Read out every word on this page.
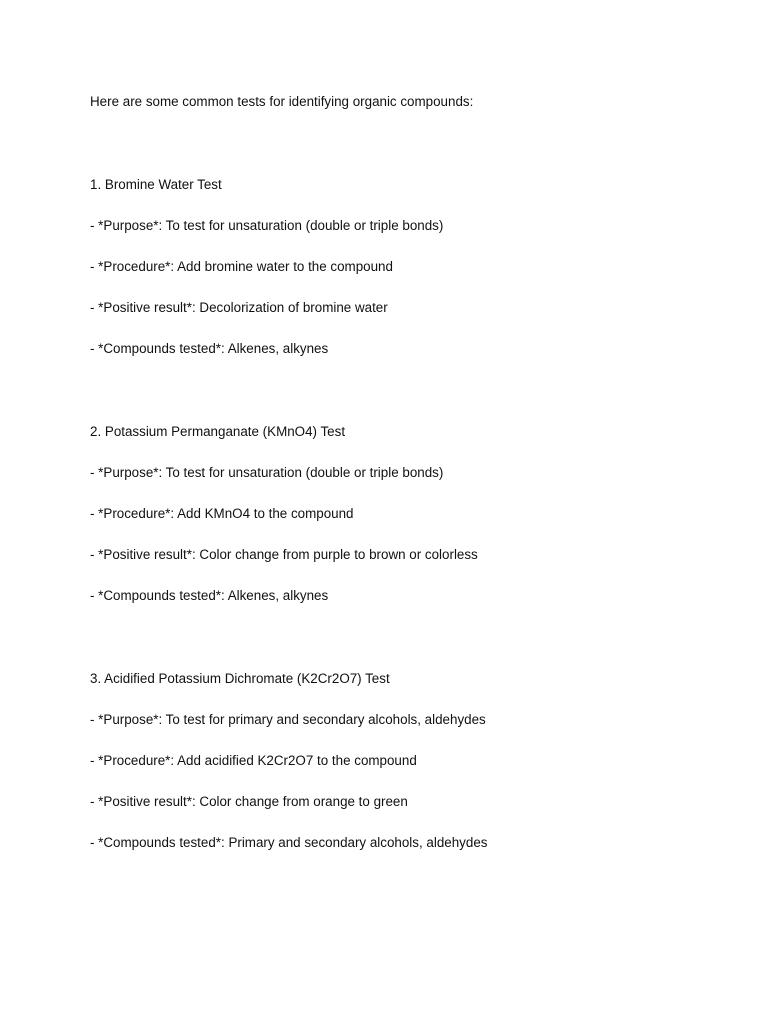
Here are some common tests for identifying organic compounds:
1. Bromine Water Test
- *Purpose*: To test for unsaturation (double or triple bonds)
- *Procedure*: Add bromine water to the compound
- *Positive result*: Decolorization of bromine water
- *Compounds tested*: Alkenes, alkynes
2. Potassium Permanganate (KMnO4) Test
- *Purpose*: To test for unsaturation (double or triple bonds)
- *Procedure*: Add KMnO4 to the compound
- *Positive result*: Color change from purple to brown or colorless
- *Compounds tested*: Alkenes, alkynes
3. Acidified Potassium Dichromate (K2Cr2O7) Test
- *Purpose*: To test for primary and secondary alcohols, aldehydes
- *Procedure*: Add acidified K2Cr2O7 to the compound
- *Positive result*: Color change from orange to green
- *Compounds tested*: Primary and secondary alcohols, aldehydes
